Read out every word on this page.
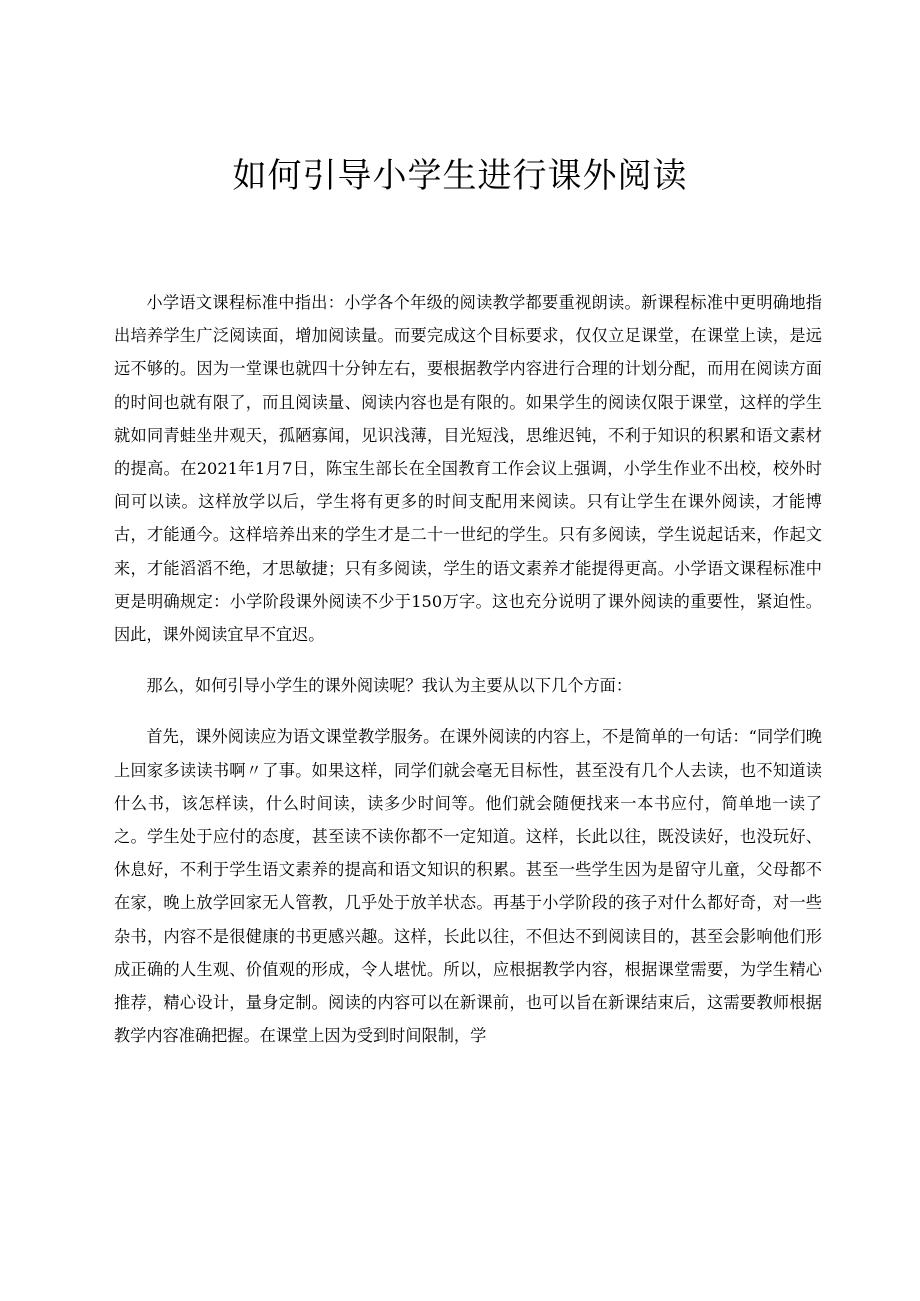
如何引导小学生进行课外阅读

小学语文课程标准中指出：小学各个年级的阅读教学都要重视朗读。新课程标准中更明确地指出培养学生广泛阅读面，增加阅读量。而要完成这个目标要求，仅仅立足课堂，在课堂上读，是远远不够的。因为一堂课也就四十分钟左右，要根据教学内容进行合理的计划分配，而用在阅读方面的时间也就有限了，而且阅读量、阅读内容也是有限的。如果学生的阅读仅限于课堂，这样的学生就如同青蛙坐井观天，孤陋寡闻，见识浅薄，目光短浅，思维迟钝，不利于知识的积累和语文素材的提高。在2021年1月7日，陈宝生部长在全国教育工作会议上强调，小学生作业不出校，校外时间可以读。这样放学以后，学生将有更多的时间支配用来阅读。只有让学生在课外阅读，才能博古，才能通今。这样培养出来的学生才是二十一世纪的学生。只有多阅读，学生说起话来，作起文来，才能滔滔不绝，才思敏捷；只有多阅读，学生的语文素养才能提得更高。小学语文课程标准中更是明确规定：小学阶段课外阅读不少于150万字。这也充分说明了课外阅读的重要性，紧迫性。因此，课外阅读宜早不宜迟。

那么，如何引导小学生的课外阅读呢？我认为主要从以下几个方面：

首先，课外阅读应为语文课堂教学服务。在课外阅读的内容上，不是简单的一句话：“同学们晚上回家多读读书啊〃了事。如果这样，同学们就会毫无目标性，甚至没有几个人去读，也不知道读什么书，该怎样读，什么时间读，读多少时间等。他们就会随便找来一本书应付，简单地一读了之。学生处于应付的态度，甚至读不读你都不一定知道。这样，长此以往，既没读好，也没玩好、休息好，不利于学生语文素养的提高和语文知识的积累。甚至一些学生因为是留守儿童，父母都不在家，晚上放学回家无人管教，几乎处于放羊状态。再基于小学阶段的孩子对什么都好奇，对一些杂书，内容不是很健康的书更感兴趣。这样，长此以往，不但达不到阅读目的，甚至会影响他们形成正确的人生观、价值观的形成，令人堪忧。所以，应根据教学内容，根据课堂需要，为学生精心推荐，精心设计，量身定制。阅读的内容可以在新课前，也可以旨在新课结束后，这需要教师根据教学内容准确把握。在课堂上因为受到时间限制，学
